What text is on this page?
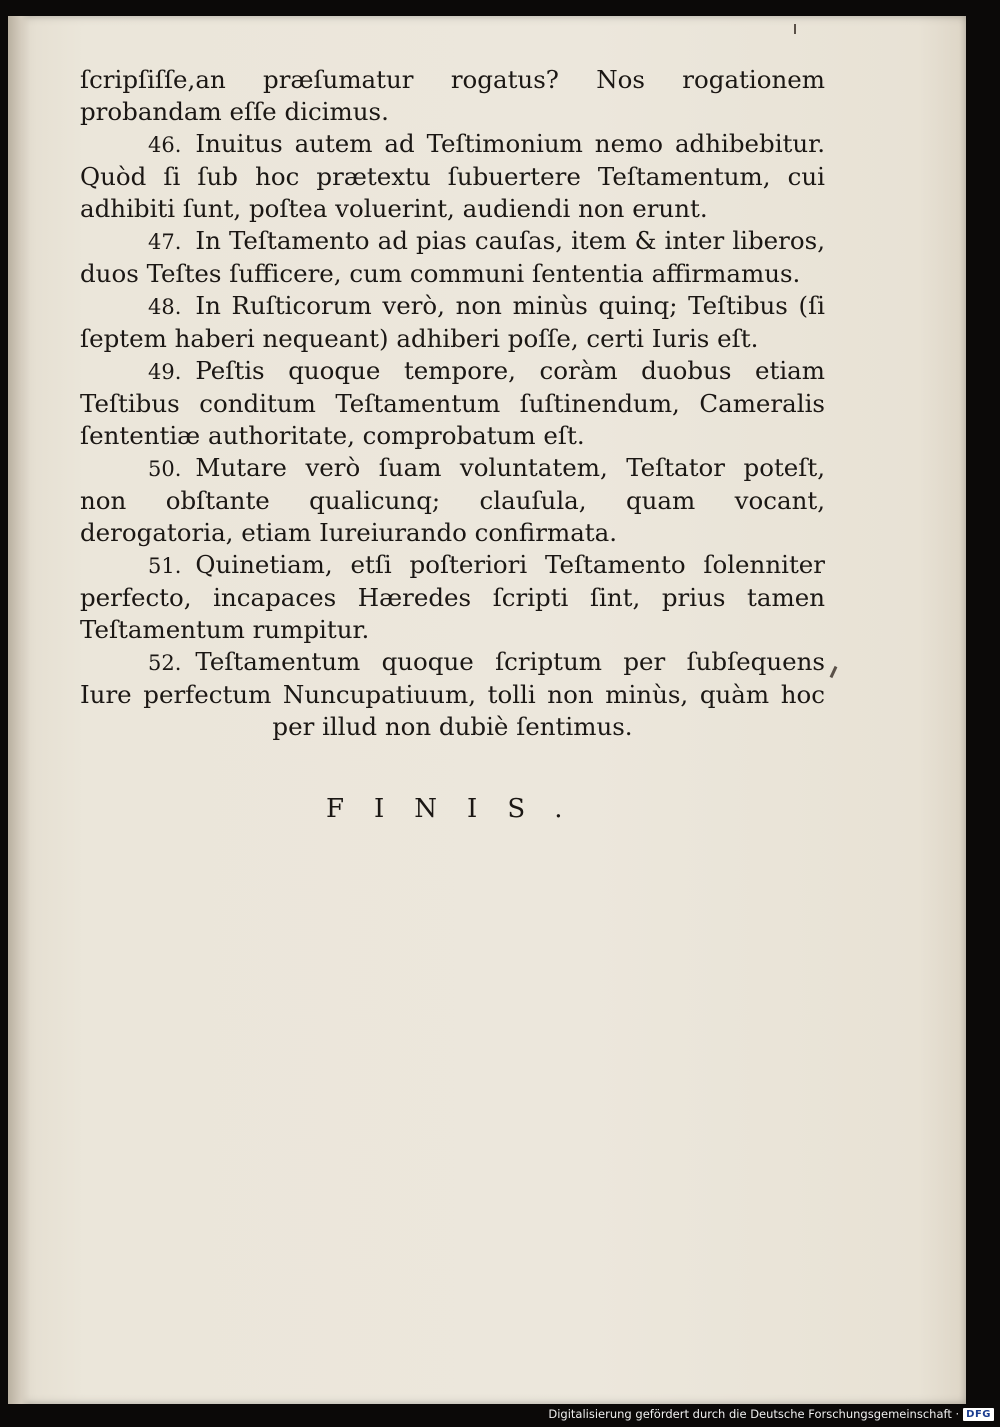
ſcripſiſſe,an præſumatur rogatus? Nos rogationem probandam eſſe dicimus.

46. Inuitus autem ad Teſtimonium nemo adhibebitur. Quòd ſi ſub hoc prætextu ſubuertere Teſtamentum, cui adhibiti ſunt, poſtea voluerint, audiendi non erunt.

47. In Teſtamento ad pias cauſas, item & inter liberos, duos Teſtes ſufficere, cum communi ſententia affirmamus.

48. In Ruſticorum verò, non minùs quinq; Teſtibus (ſi ſeptem haberi nequeant) adhiberi poſſe, certi Iuris eſt.

49. Peſtis quoque tempore, coràm duobus etiam Teſtibus conditum Teſtamentum ſuſtinendum, Cameralis ſententiæ authoritate, comprobatum eſt.

50. Mutare verò ſuam voluntatem, Teſtator poteſt, non obſtante qualicunq; clauſula, quam vocant, derogatoria, etiam Iureiurando confirmata.

51. Quinetiam, etſi poſteriori Teſtamento ſolenniter perfecto, incapaces Hæredes ſcripti ſint, prius tamen Teſtamentum rumpitur.

52. Teſtamentum quoque ſcriptum per ſubſequens Iure perfectum Nuncupatiuum, tolli non minùs, quàm hoc per illud non dubiè ſentimus.

FINIS.
Digitalisierung gefördert durch die Deutsche Forschungsgemeinschaft · DFG
